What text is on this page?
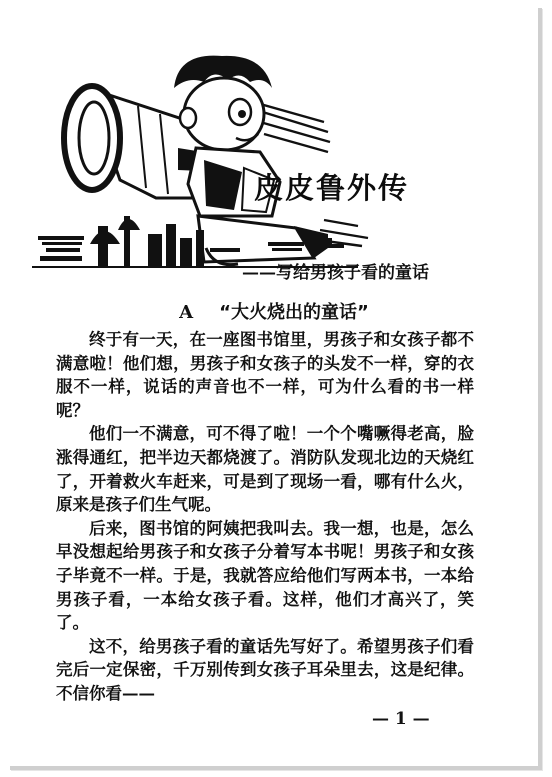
皮皮鲁外传
——写给男孩子看的童话
A “大火烧出的童话”

终于有一天，在一座图书馆里，男孩子和女孩子都不满意啦！他们想，男孩子和女孩子的头发不一样，穿的衣服不一样，说话的声音也不一样，可为什么看的书一样呢？

他们一不满意，可不得了啦！一个个嘴噘得老高，脸涨得通红，把半边天都烧渡了。消防队发现北边的天烧红了，开着救火车赶来，可是到了现场一看，哪有什么火，原来是孩子们生气呢。

后来，图书馆的阿姨把我叫去。我一想，也是，怎么早没想起给男孩子和女孩子分着写本书呢！男孩子和女孩子毕竟不一样。于是，我就答应给他们写两本书，一本给男孩子看，一本给女孩子看。这样，他们才高兴了，笑了。

这不，给男孩子看的童话先写好了。希望男孩子们看完后一定保密，千万别传到女孩子耳朵里去，这是纪律。不信你看——

— 1 —
